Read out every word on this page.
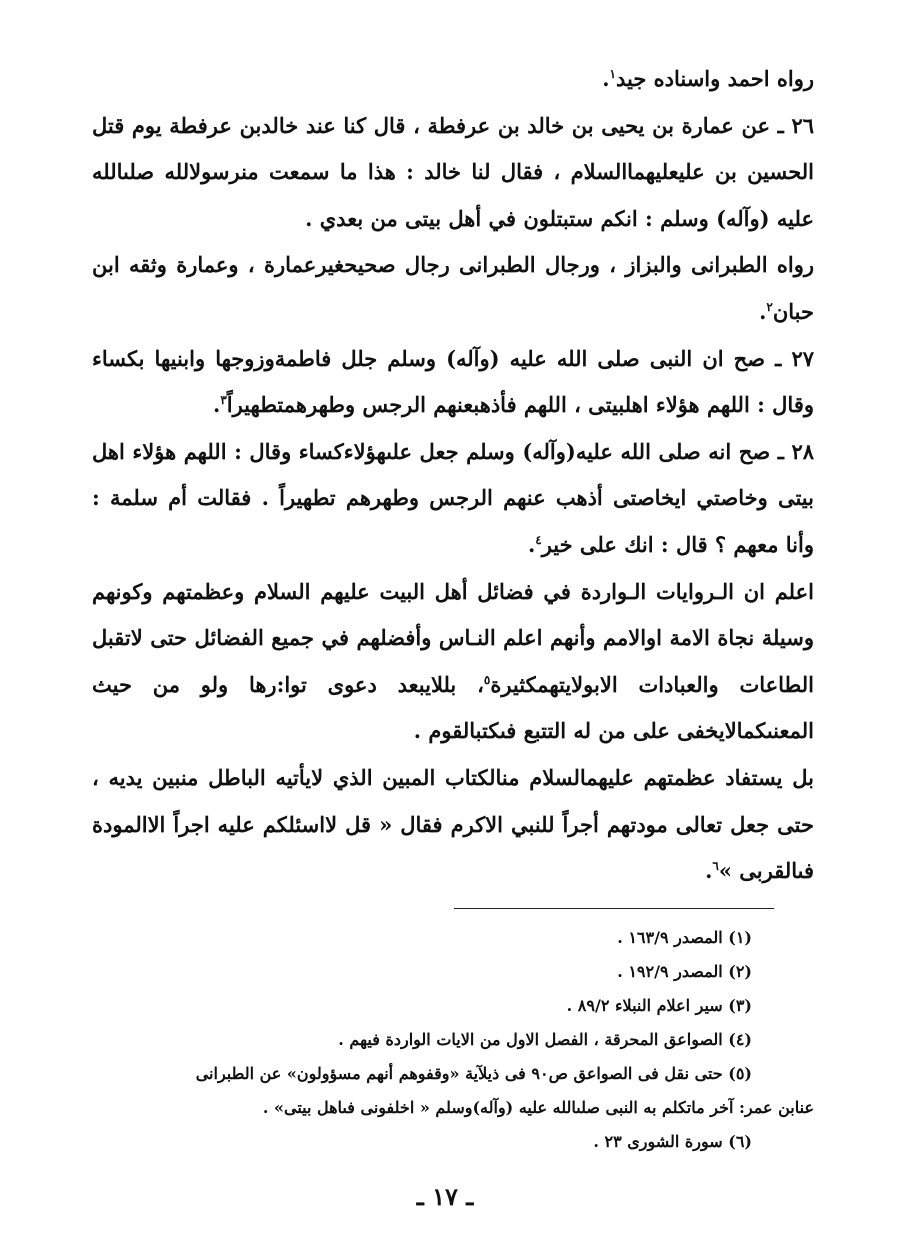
رواه احمد واسناده جيد$^١$.

٢٦ ـ عن عمارة بن يحيى بن خالد بن عرفطة ، قال كنا عند خالدبن عرفطة يوم قتل الحسين بن عليعليهماالسلام ، فقال لنا خالد : هذا ما سمعت منرسولالله صلىالله عليه (وآله) وسلم : انكم ستبتلون في أهل بيتى من بعدي .

رواه الطبرانى والبزاز ، ورجال الطبرانى رجال صحيحغيرعمارة ، وعمارة وثقه ابن حبان$^٢$.

٢٧ ـ صح ان النبى صلى الله عليه (وآله) وسلم جلل فاطمةوزوجها وابنيها بكساء وقال : اللهم هؤلاء اهلبيتى ، اللهم فأذهبعنهم الرجس وطهرهمتطهيراً$^٣$.

٢٨ ـ صح انه صلى الله عليه(وآله) وسلم جعل علىهؤلاءكساء وقال : اللهم هؤلاء اهل بيتى وخاصتي ايخاصتى أذهب عنهم الرجس وطهرهم تطهيراً . فقالت أم سلمة : وأنا معهم ؟ قال : انك على خير$^٤$.

اعلم ان الـروايات الـواردة في فضائل أهل البيت عليهم السلام وعظمتهم وكونهم وسيلة نجاة الامة اوالامم وأنهم اعلم النـاس وأفضلهم في جميع الفضائل حتى لاتقبل الطاعات والعبادات الابولايتهمكثيرة$^٥$، بللايبعد دعوى توا:رها ولو من حيث المعنىكمالايخفى على من له التتبع فىكتبالقوم .

بل يستفاد عظمتهم عليهمالسلام منالكتاب المبين الذي لايأتيه الباطل منبين يديه ، حتى جعل تعالى مودتهم أجراً للنبي الاكرم فقال « قل لااسئلكم عليه اجراً الاالمودة فىالقربى »$^٦$.

(١) المصدر ١٦٣/٩ .

(٢) المصدر ١٩٢/٩ .

(٣) سير اعلام النبلاء ٨٩/٢ .

(٤) الصواعق المحرقة ، الفصل الاول من الايات الواردة فيهم .

(٥) حتى نقل فى الصواعق ص٩٠ فى ذيلآية «وقفوهم أنهم مسؤولون» عن الطبرانى

عنابن عمر: آخر ماتكلم به النبى صلىالله عليه (وآله)وسلم « اخلفونى فىاهل بيتى» .

(٦) سورة الشورى ٢٣ .

ـ ١٧ ـ
